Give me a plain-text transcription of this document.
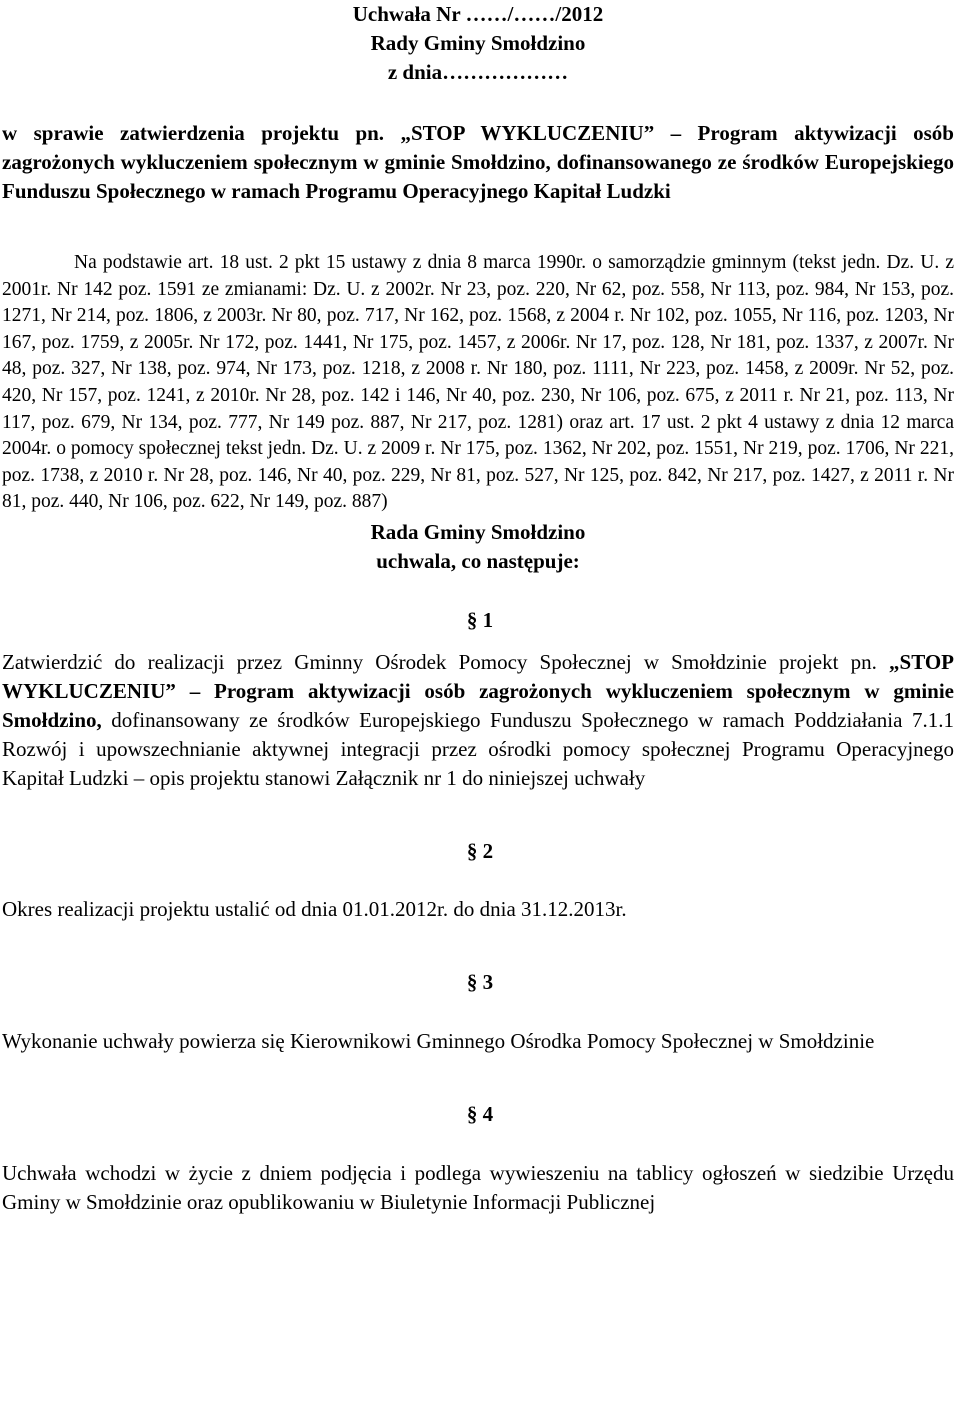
Uchwała Nr ……/……/2012
Rady Gminy Smołdzino
z dnia………………
w sprawie zatwierdzenia projektu pn. „STOP WYKLUCZENIU” – Program aktywizacji osób zagrożonych wykluczeniem społecznym w gminie Smołdzino, dofinansowanego ze środków Europejskiego Funduszu Społecznego w ramach Programu Operacyjnego Kapitał Ludzki
Na podstawie art. 18 ust. 2 pkt 15 ustawy z dnia 8 marca 1990r. o samorządzie gminnym (tekst jedn. Dz. U. z 2001r. Nr 142 poz. 1591 ze zmianami: Dz. U. z 2002r. Nr 23, poz. 220, Nr 62, poz. 558, Nr 113, poz. 984, Nr 153, poz. 1271, Nr 214, poz. 1806, z 2003r. Nr 80, poz. 717, Nr 162, poz. 1568, z 2004 r. Nr 102, poz. 1055, Nr 116, poz. 1203, Nr 167, poz. 1759, z 2005r. Nr 172, poz. 1441, Nr 175, poz. 1457, z 2006r. Nr 17, poz. 128, Nr 181, poz. 1337, z 2007r. Nr 48, poz. 327, Nr 138, poz. 974, Nr 173, poz. 1218, z 2008 r. Nr 180, poz. 1111, Nr 223, poz. 1458, z 2009r. Nr 52, poz. 420, Nr 157, poz. 1241, z 2010r. Nr 28, poz. 142 i 146, Nr 40, poz. 230, Nr 106, poz. 675, z 2011 r. Nr 21, poz. 113, Nr 117, poz. 679, Nr 134, poz. 777, Nr 149 poz. 887, Nr 217, poz. 1281) oraz art. 17 ust. 2 pkt 4 ustawy z dnia 12 marca 2004r. o pomocy społecznej tekst jedn. Dz. U. z 2009 r. Nr 175, poz. 1362, Nr 202, poz. 1551, Nr 219, poz. 1706, Nr 221, poz. 1738, z 2010 r. Nr 28, poz. 146, Nr 40, poz. 229, Nr 81, poz. 527, Nr 125, poz. 842, Nr 217, poz. 1427, z 2011 r. Nr 81, poz. 440, Nr 106, poz. 622, Nr 149, poz. 887)
Rada Gminy Smołdzino
uchwala, co następuje:
§ 1
Zatwierdzić do realizacji przez Gminny Ośrodek Pomocy Społecznej w Smołdzinie projekt pn. „STOP WYKLUCZENIU” – Program aktywizacji osób zagrożonych wykluczeniem społecznym w gminie Smołdzino, dofinansowany ze środków Europejskiego Funduszu Społecznego w ramach Poddziałania 7.1.1 Rozwój i upowszechnianie aktywnej integracji przez ośrodki pomocy społecznej Programu Operacyjnego Kapitał Ludzki – opis projektu stanowi Załącznik nr 1 do niniejszej uchwały
§ 2
Okres realizacji projektu ustalić od dnia 01.01.2012r. do dnia 31.12.2013r.
§ 3
Wykonanie uchwały powierza się Kierownikowi Gminnego Ośrodka Pomocy Społecznej w Smołdzinie
§ 4
Uchwała wchodzi w życie z dniem podjęcia i podlega wywieszeniu na tablicy ogłoszeń w siedzibie Urzędu Gminy w Smołdzinie oraz opublikowaniu w Biuletynie Informacji Publicznej
